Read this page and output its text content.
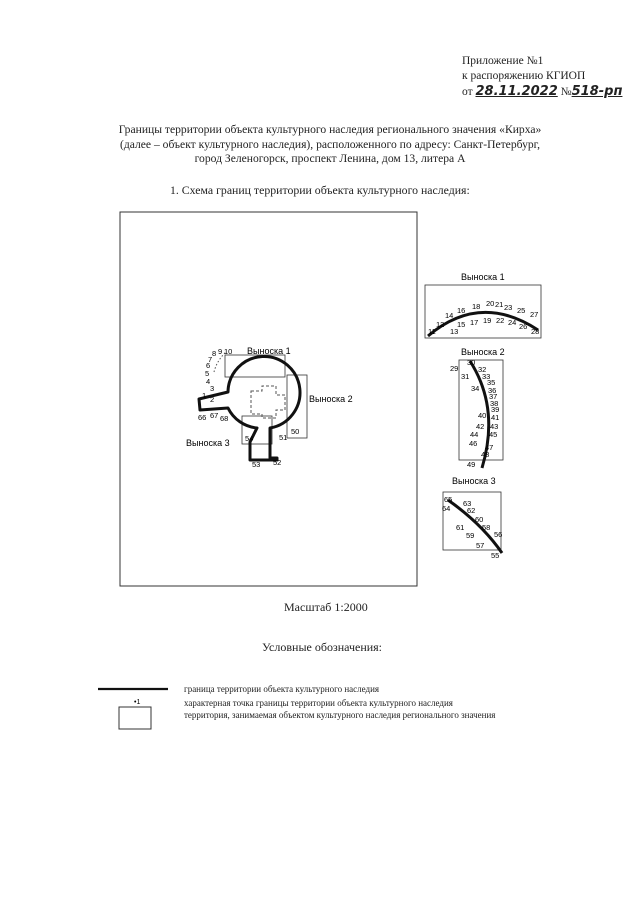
Приложение №1
к распоряжению КГИОП
от 28.11.2022 №518-рп
Границы территории объекта культурного наследия регионального значения «Кирха»
(далее – объект культурного наследия), расположенного по адресу: Санкт-Петербург,
город Зеленогорск, проспект Ленина, дом 13, литера А
1. Схема границ территории объекта культурного наследия:
Выноска 1
Выноска 2
Выноска 3
1 2
3
4
5
6
7
8 9 10
66 67 68
51
50
54
53 52
Выноска 1
11
12
13
14
15
16
17
18
19
20 21
22
23
24
25
26
27
28
Выноска 2
29
30
31
32
33
34
35
36
37
38
39
40 41
42 43
44 45
46 47
48
49
Выноска 3
55
56
57
58
59
60
61
62
63
64
65
•1
Масштаб 1:2000
Условные обозначения:
граница территории объекта культурного наследия
характерная точка границы территории объекта культурного наследия
территория, занимаемая объектом культурного наследия регионального значения
